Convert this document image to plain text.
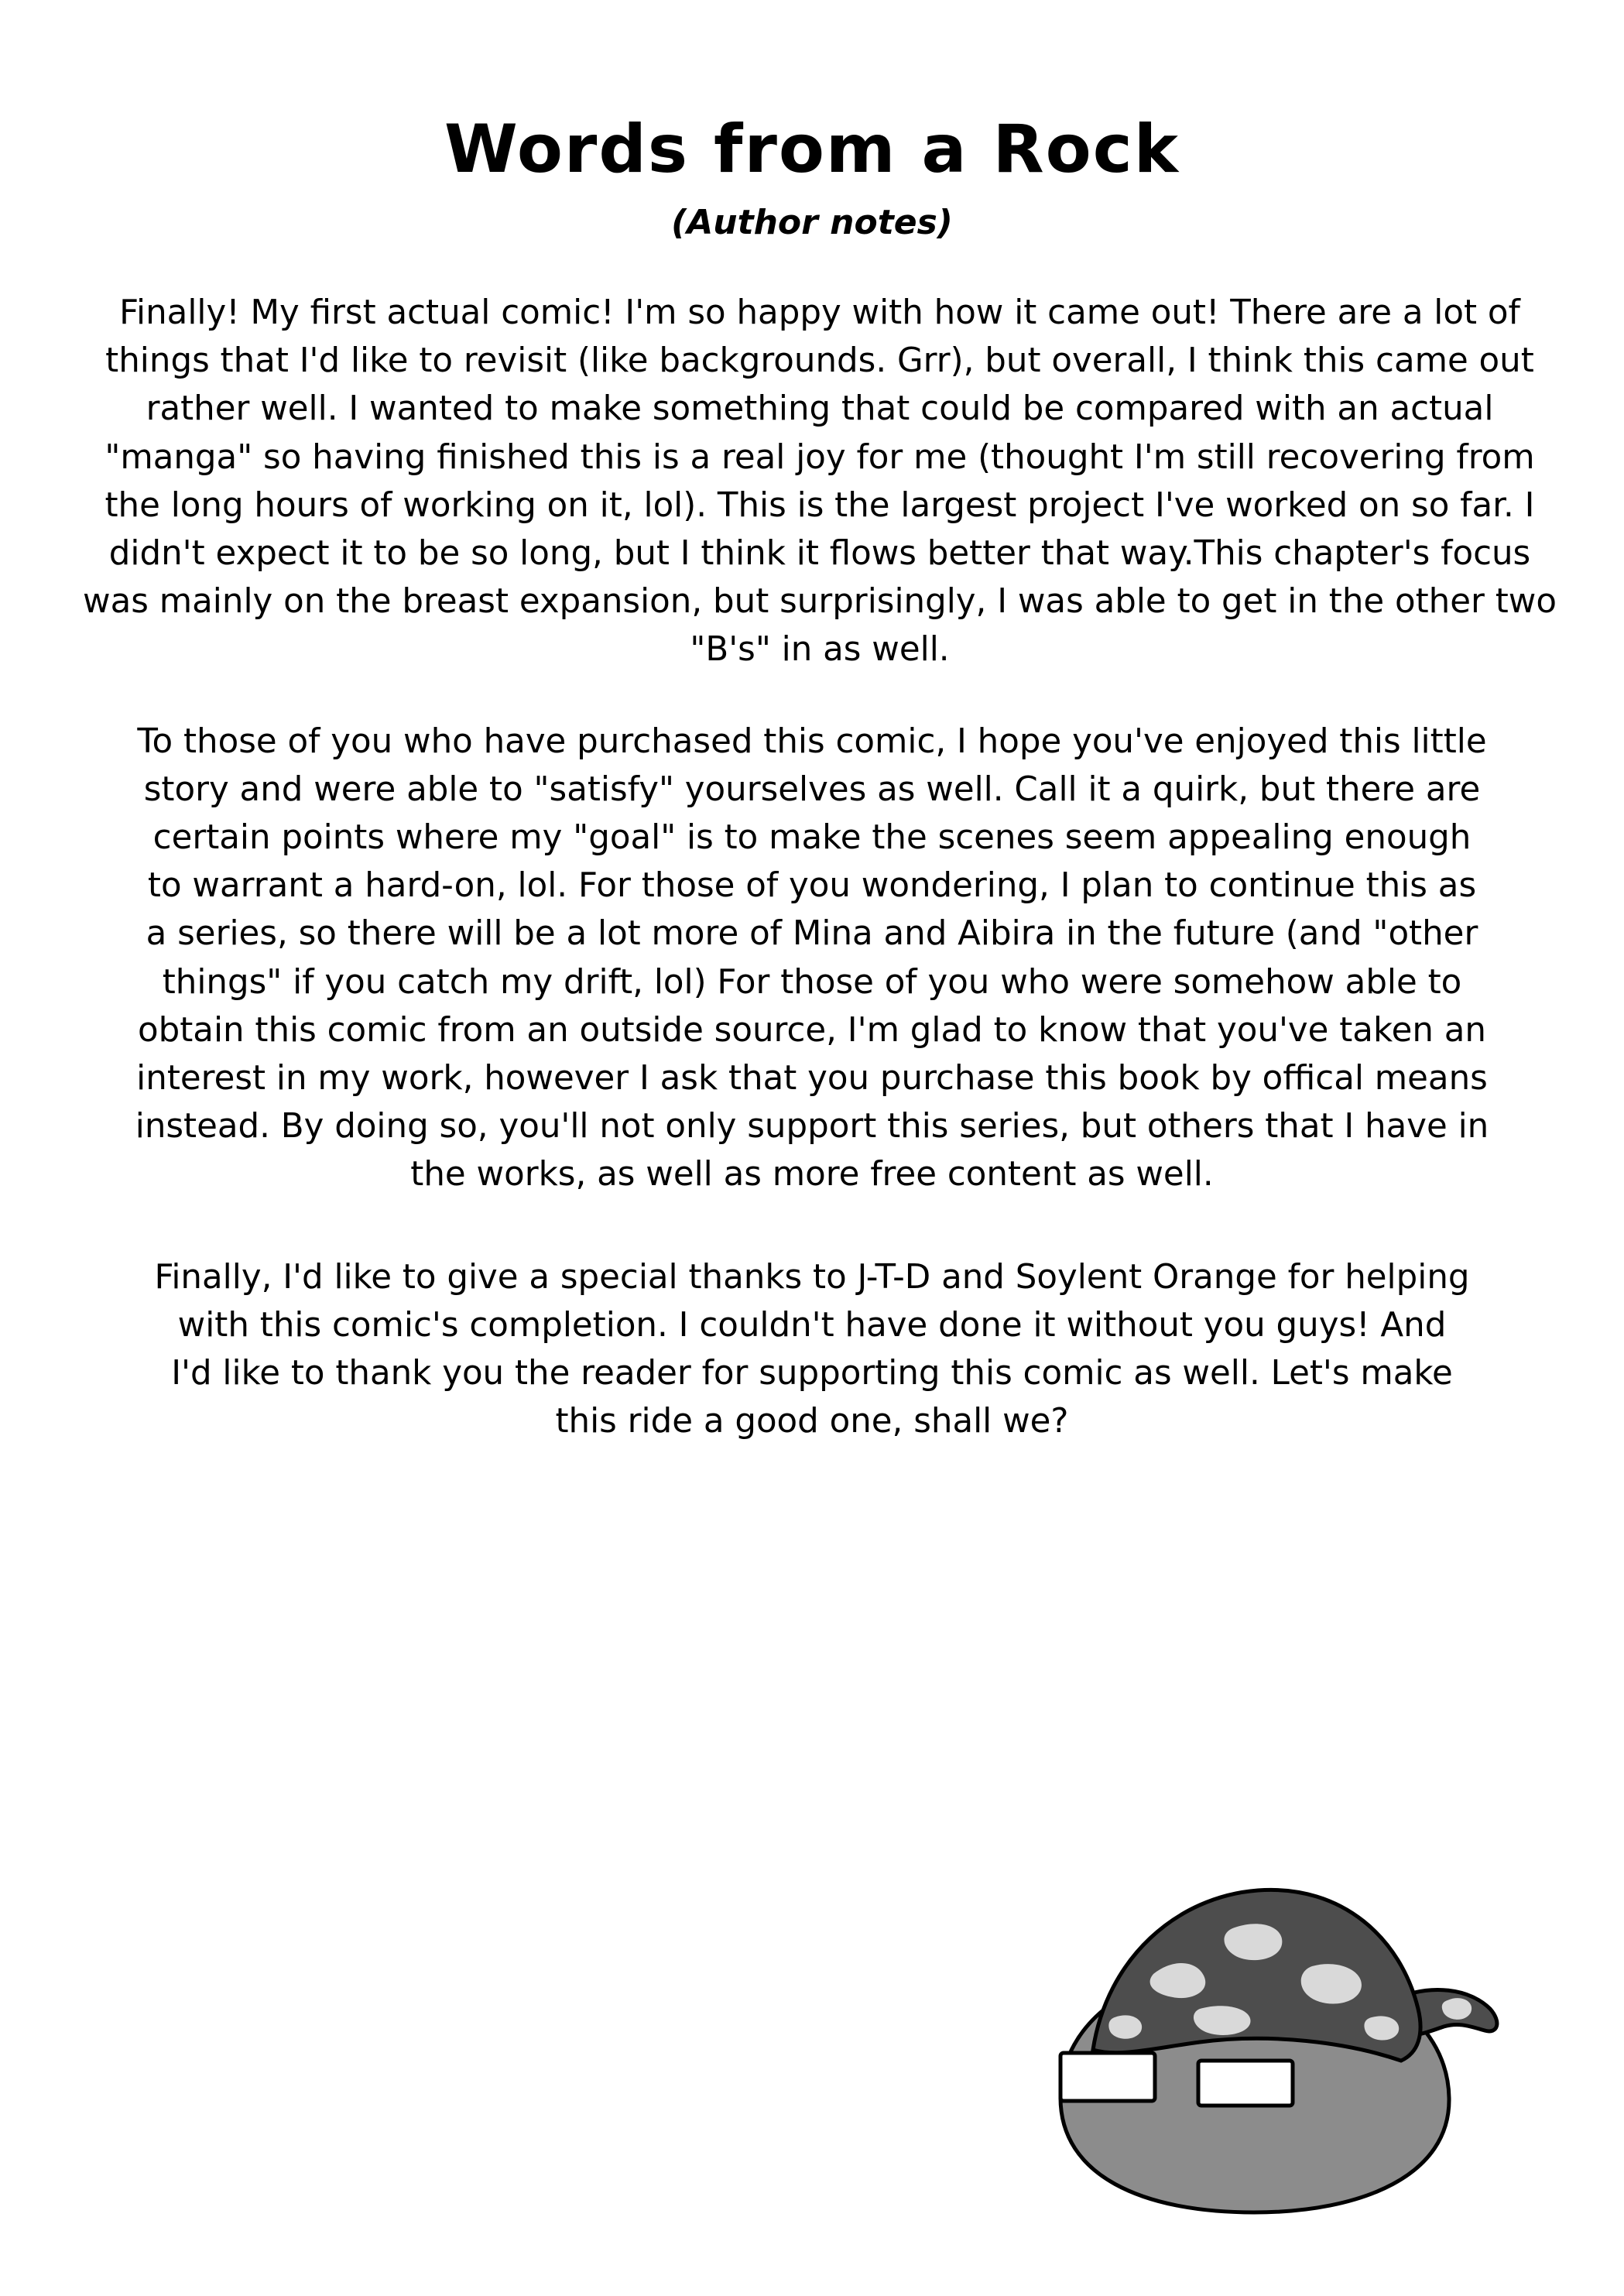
Words from a Rock
(Author notes)

Finally! My first actual comic! I'm so happy with how it came out! There are a lot of things that I'd like to revisit (like backgrounds. Grr), but overall, I think this came out rather well. I wanted to make something that could be compared with an actual "manga" so having finished this is a real joy for me (thought I'm still recovering from the long hours of working on it, lol). This is the largest project I've worked on so far. I didn't expect it to be so long, but I think it flows better that way.This chapter's focus was mainly on the breast expansion, but surprisingly, I was able to get in the other two "B's" in as well.

To those of you who have purchased this comic, I hope you've enjoyed this little story and were able to "satisfy" yourselves as well. Call it a quirk, but there are certain points where my "goal" is to make the scenes seem appealing enough to warrant a hard-on, lol. For those of you wondering, I plan to continue this as a series, so there will be a lot more of Mina and Aibira in the future (and "other things" if you catch my drift, lol) For those of you who were somehow able to obtain this comic from an outside source, I'm glad to know that you've taken an interest in my work, however I ask that you purchase this book by offical means instead. By doing so, you'll not only support this series, but others that I have in the works, as well as more free content as well.

Finally, I'd like to give a special thanks to J-T-D and Soylent Orange for helping with this comic's completion. I couldn't have done it without you guys! And I'd like to thank you the reader for supporting this comic as well. Let's make this ride a good one, shall we?
